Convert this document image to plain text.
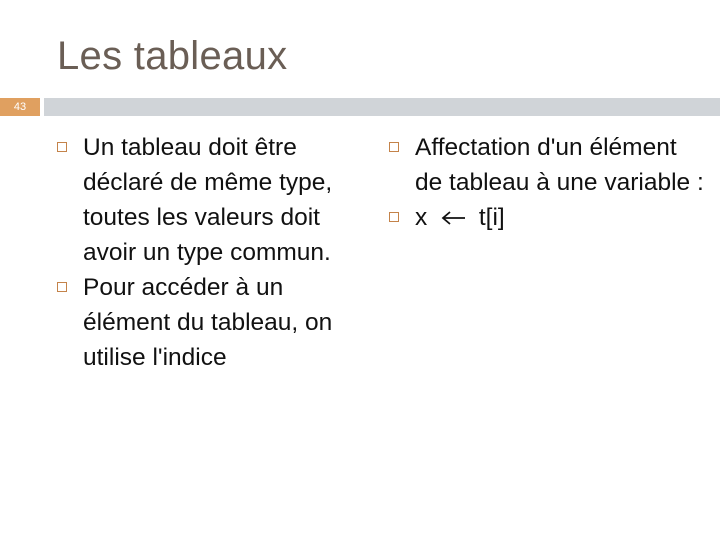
Les tableaux
43
Un tableau doit être déclaré de même type, toutes les valeurs doit avoir un type commun.
Pour accéder à un élément du tableau, on utilise l'indice
Affectation d'un élément de tableau à une variable :
x t[i]
